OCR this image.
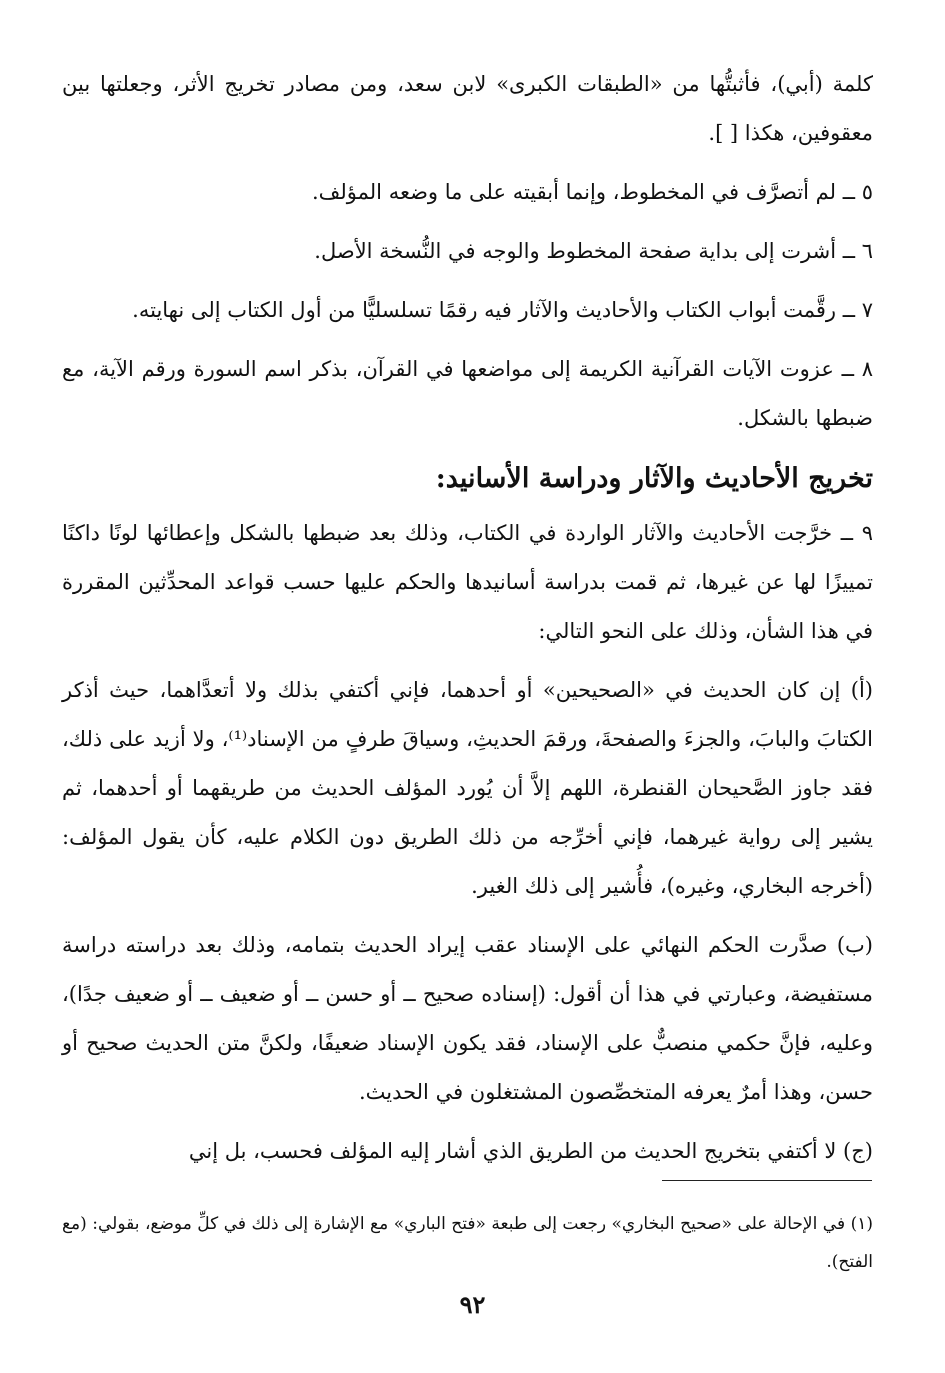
كلمة (أبي)، فأثبتُّها من «الطبقات الكبرى» لابن سعد، ومن مصادر تخريج الأثر، وجعلتها بين معقوفين، هكذا [ ].

٥ ــ لم أتصرَّف في المخطوط، وإنما أبقيته على ما وضعه المؤلف.

٦ ــ أشرت إلى بداية صفحة المخطوط والوجه في النُّسخة الأصل.

٧ ــ رقَّمت أبواب الكتاب والأحاديث والآثار فيه رقمًا تسلسليًّا من أول الكتاب إلى نهايته.

٨ ــ عزوت الآيات القرآنية الكريمة إلى مواضعها في القرآن، بذكر اسم السورة ورقم الآية، مع ضبطها بالشكل.

تخريج الأحاديث والآثار ودراسة الأسانيد:

٩ ــ خرَّجت الأحاديث والآثار الواردة في الكتاب، وذلك بعد ضبطها بالشكل وإعطائها لونًا داكنًا تمييزًا لها عن غيرها، ثم قمت بدراسة أسانيدها والحكم عليها حسب قواعد المحدِّثين المقررة في هذا الشأن، وذلك على النحو التالي:

(أ) إن كان الحديث في «الصحيحين» أو أحدهما، فإني أكتفي بذلك ولا أتعدَّاهما، حيث أذكر الكتابَ والبابَ، والجزءَ والصفحةَ، ورقمَ الحديثِ، وسياقَ طرفٍ من الإسناد⁽¹⁾، ولا أزيد على ذلك، فقد جاوز الصَّحيحان القنطرة، اللهم إلاَّ أن يُورد المؤلف الحديث من طريقهما أو أحدهما، ثم يشير إلى رواية غيرهما، فإني أخرِّجه من ذلك الطريق دون الكلام عليه، كأن يقول المؤلف: (أخرجه البخاري، وغيره)، فأُشير إلى ذلك الغير.

(ب) صدَّرت الحكم النهائي على الإسناد عقب إيراد الحديث بتمامه، وذلك بعد دراسته دراسة مستفيضة، وعبارتي في هذا أن أقول: (إسناده صحيح ــ أو حسن ــ أو ضعيف ــ أو ضعيف جدًا)، وعليه، فإنَّ حكمي منصبٌّ على الإسناد، فقد يكون الإسناد ضعيفًا، ولكنَّ متن الحديث صحيح أو حسن، وهذا أمرٌ يعرفه المتخصِّصون المشتغلون في الحديث.

(ج) لا أكتفي بتخريج الحديث من الطريق الذي أشار إليه المؤلف فحسب، بل إني

(١) في الإحالة على «صحيح البخاري» رجعت إلى طبعة «فتح الباري» مع الإشارة إلى ذلك في كلِّ موضع، بقولي: (مع الفتح).

٩٢
